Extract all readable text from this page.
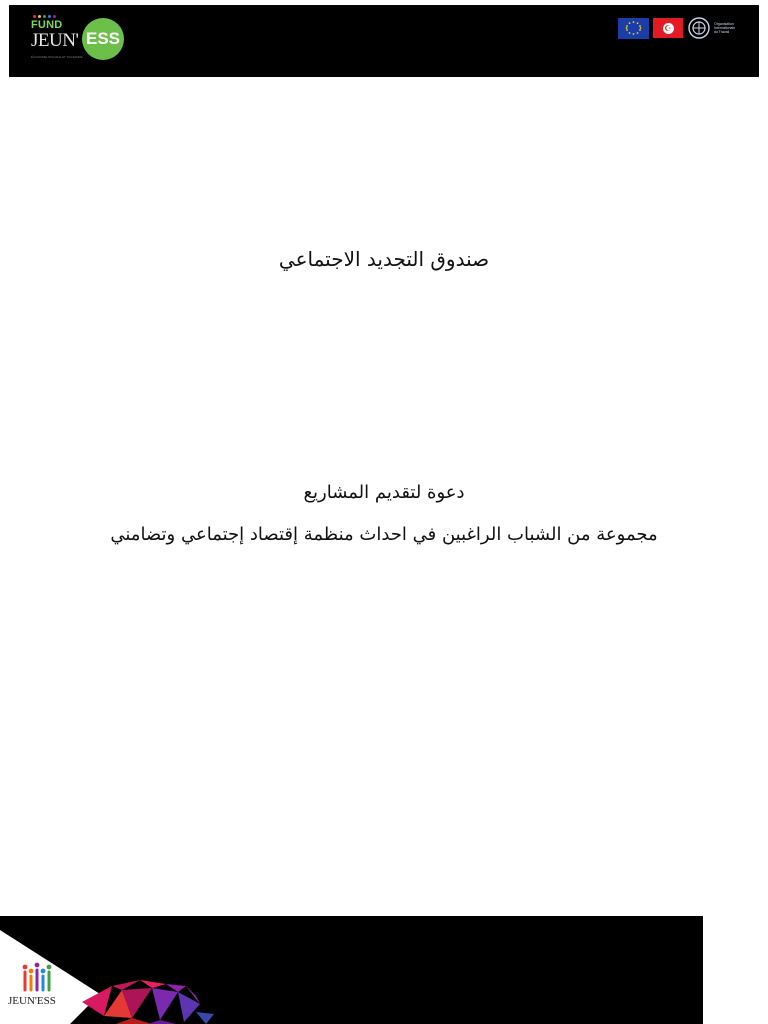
FUND
JEUN' ESS
ÉCONOMIE SOCIALE ET SOLIDAIRE
☪	Organisation
Internationale
du Travail
صندوق التجديد الاجتماعي

دعوة لتقديم المشاريع

مجموعة من الشباب الراغبين في احداث منظمة إقتصاد إجتماعي وتضامني

JEUN'ESS
